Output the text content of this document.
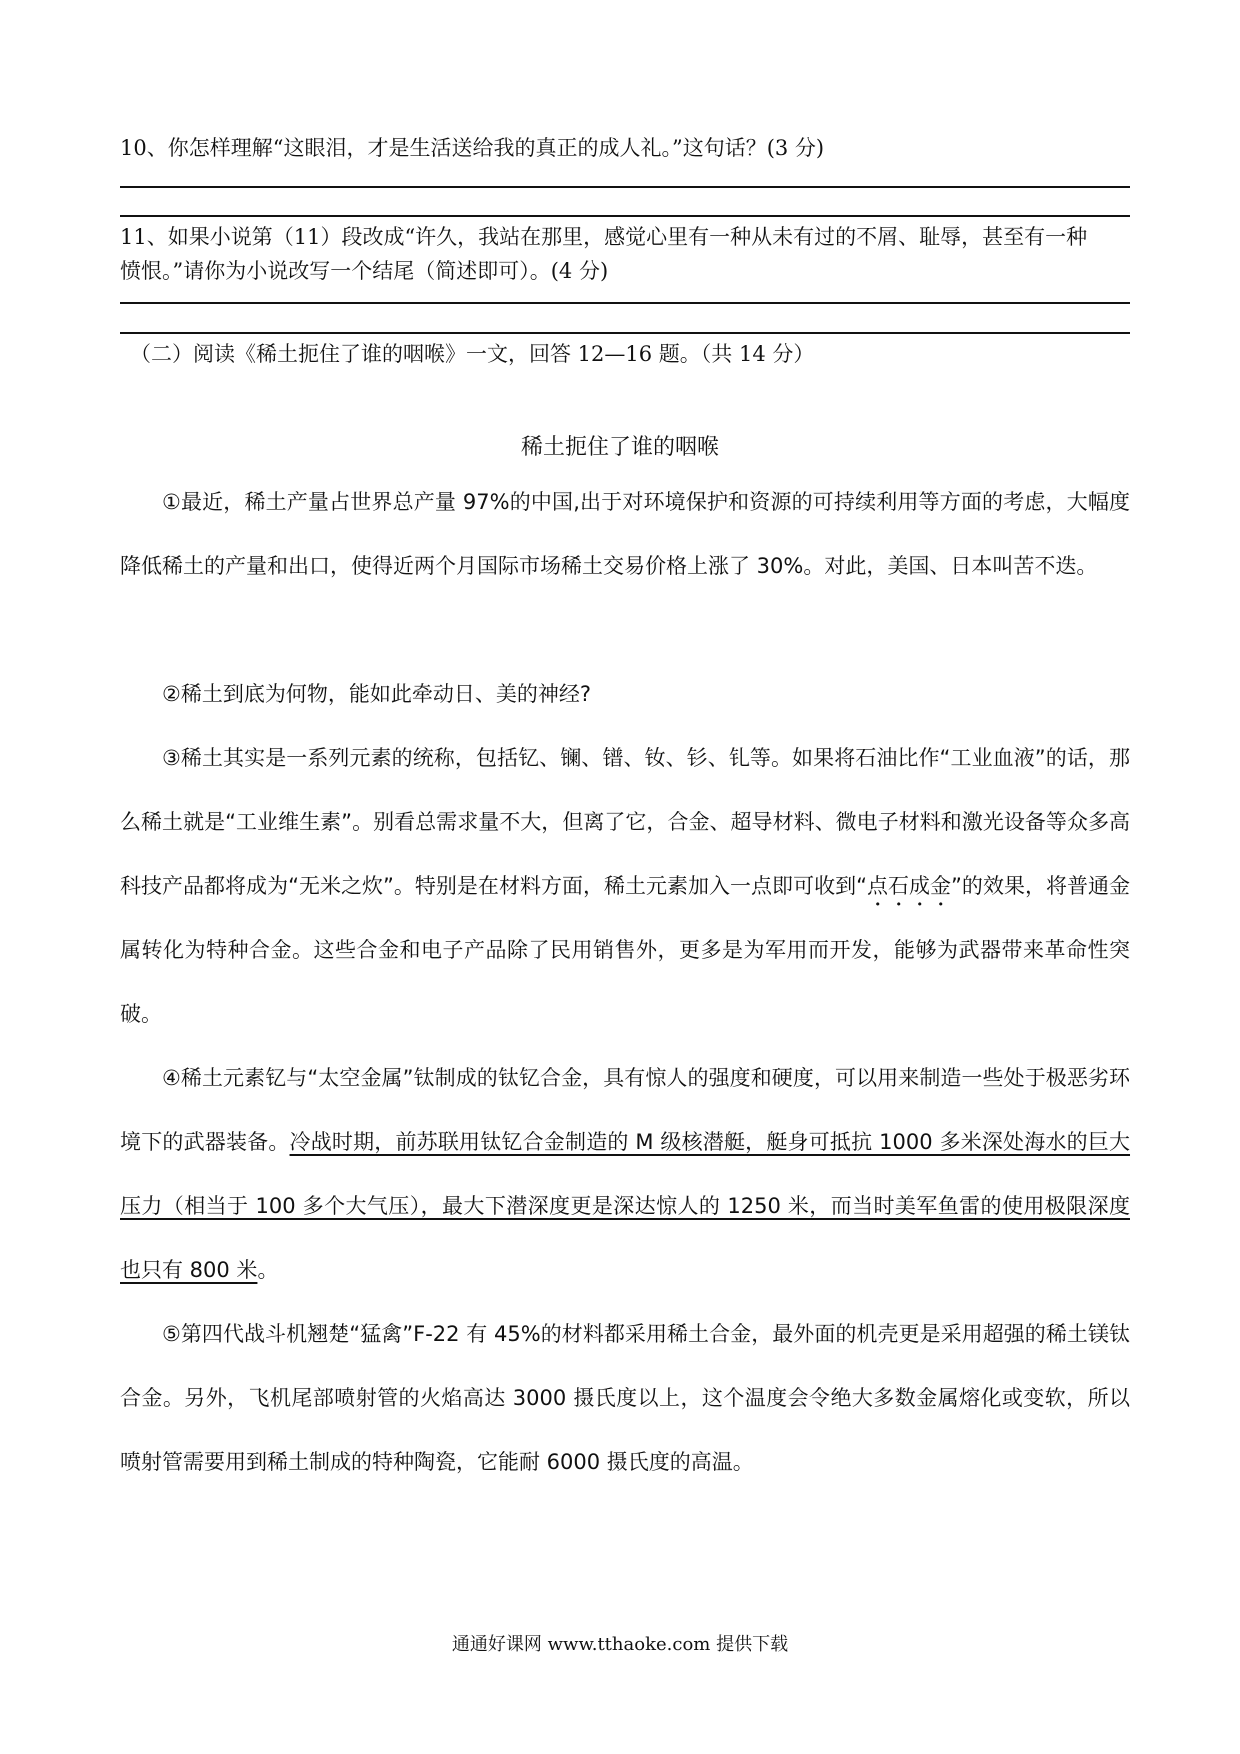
10、你怎样理解“这眼泪，才是生活送给我的真正的成人礼。”这句话？(3 分)
11、如果小说第（11）段改成“许久，我站在那里，感觉心里有一种从未有过的不屑、耻辱，甚至有一种
愤恨。”请你为小说改写一个结尾（简述即可）。(4 分)
（二）阅读《稀土扼住了谁的咽喉》一文，回答 12—16 题。（共 14 分）
稀土扼住了谁的咽喉
①最近，稀土产量占世界总产量 97%的中国,出于对环境保护和资源的可持续利用等方面的考虑，大幅度降低稀土的产量和出口，使得近两个月国际市场稀土交易价格上涨了 30%。对此，美国、日本叫苦不迭。
②稀土到底为何物，能如此牵动日、美的神经?
③稀土其实是一系列元素的统称，包括钇、镧、镨、钕、钐、钆等。如果将石油比作“工业血液”的话，那么稀土就是“工业维生素”。别看总需求量不大，但离了它，合金、超导材料、微电子材料和激光设备等众多高科技产品都将成为“无米之炊”。特别是在材料方面，稀土元素加入一点即可收到“点石成金”的效果，将普通金属转化为特种合金。这些合金和电子产品除了民用销售外，更多是为军用而开发，能够为武器带来革命性突破。
④稀土元素钇与“太空金属”钛制成的钛钇合金，具有惊人的强度和硬度，可以用来制造一些处于极恶劣环境下的武器装备。冷战时期，前苏联用钛钇合金制造的 M 级核潜艇，艇身可抵抗 1000 多米深处海水的巨大压力（相当于 100 多个大气压），最大下潜深度更是深达惊人的 1250 米，而当时美军鱼雷的使用极限深度也只有 800 米。
⑤第四代战斗机翘楚“猛禽”F-22 有 45%的材料都采用稀土合金，最外面的机壳更是采用超强的稀土镁钛合金。另外，飞机尾部喷射管的火焰高达 3000 摄氏度以上，这个温度会令绝大多数金属熔化或变软，所以喷射管需要用到稀土制成的特种陶瓷，它能耐 6000 摄氏度的高温。
通通好课网 www.tthaoke.com 提供下载
